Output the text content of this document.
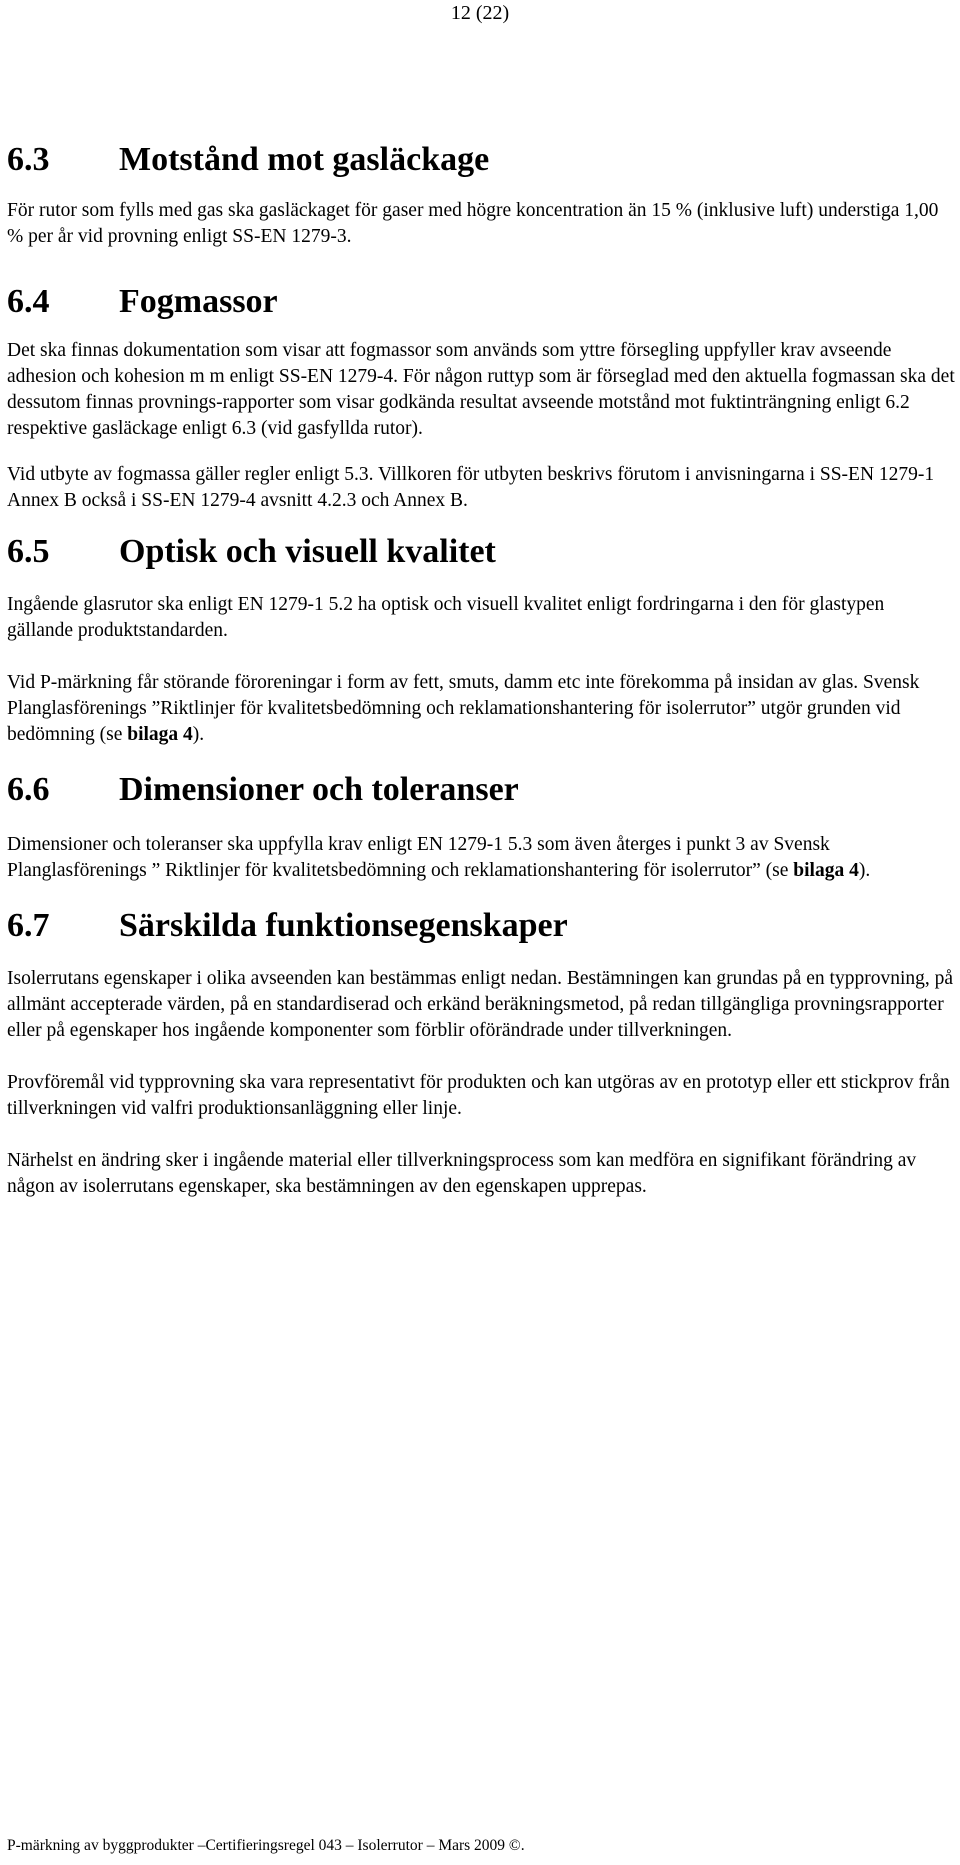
12 (22)
6.3 Motstånd mot gasläckage

För rutor som fylls med gas ska gasläckaget för gaser med högre koncentration än 15 % (inklusive luft) understiga 1,00 % per år vid provning enligt SS-EN 1279-3.

6.4 Fogmassor

Det ska finnas dokumentation som visar att fogmassor som används som yttre försegling uppfyller krav avseende adhesion och kohesion m m enligt SS-EN 1279-4. För någon ruttyp som är förseglad med den aktuella fogmassan ska det dessutom finnas provnings-rapporter som visar godkända resultat avseende motstånd mot fuktinträngning enligt 6.2 respektive gasläckage enligt 6.3 (vid gasfyllda rutor).

Vid utbyte av fogmassa gäller regler enligt 5.3. Villkoren för utbyten beskrivs förutom i anvisningarna i SS-EN 1279-1 Annex B också i SS-EN 1279-4 avsnitt 4.2.3 och Annex B.

6.5 Optisk och visuell kvalitet

Ingående glasrutor ska enligt EN 1279-1 5.2 ha optisk och visuell kvalitet enligt fordringarna i den för glastypen gällande produktstandarden.

Vid P-märkning får störande föroreningar i form av fett, smuts, damm etc inte förekomma på insidan av glas. Svensk Planglasförenings ”Riktlinjer för kvalitetsbedömning och reklamationshantering för isolerrutor” utgör grunden vid bedömning (se bilaga 4).

6.6 Dimensioner och toleranser

Dimensioner och toleranser ska uppfylla krav enligt EN 1279-1 5.3 som även återges i punkt 3 av Svensk Planglasförenings ” Riktlinjer för kvalitetsbedömning och reklamationshantering för isolerrutor” (se bilaga 4).

6.7 Särskilda funktionsegenskaper

Isolerrutans egenskaper i olika avseenden kan bestämmas enligt nedan. Bestämningen kan grundas på en typprovning, på allmänt accepterade värden, på en standardiserad och erkänd beräkningsmetod, på redan tillgängliga provningsrapporter eller på egenskaper hos ingående komponenter som förblir oförändrade under tillverkningen.

Provföremål vid typprovning ska vara representativt för produkten och kan utgöras av en prototyp eller ett stickprov från tillverkningen vid valfri produktionsanläggning eller linje.

Närhelst en ändring sker i ingående material eller tillverkningsprocess som kan medföra en signifikant förändring av någon av isolerrutans egenskaper, ska bestämningen av den egenskapen upprepas.

P-märkning av byggprodukter –Certifieringsregel 043 – Isolerrutor – Mars 2009 ©.
